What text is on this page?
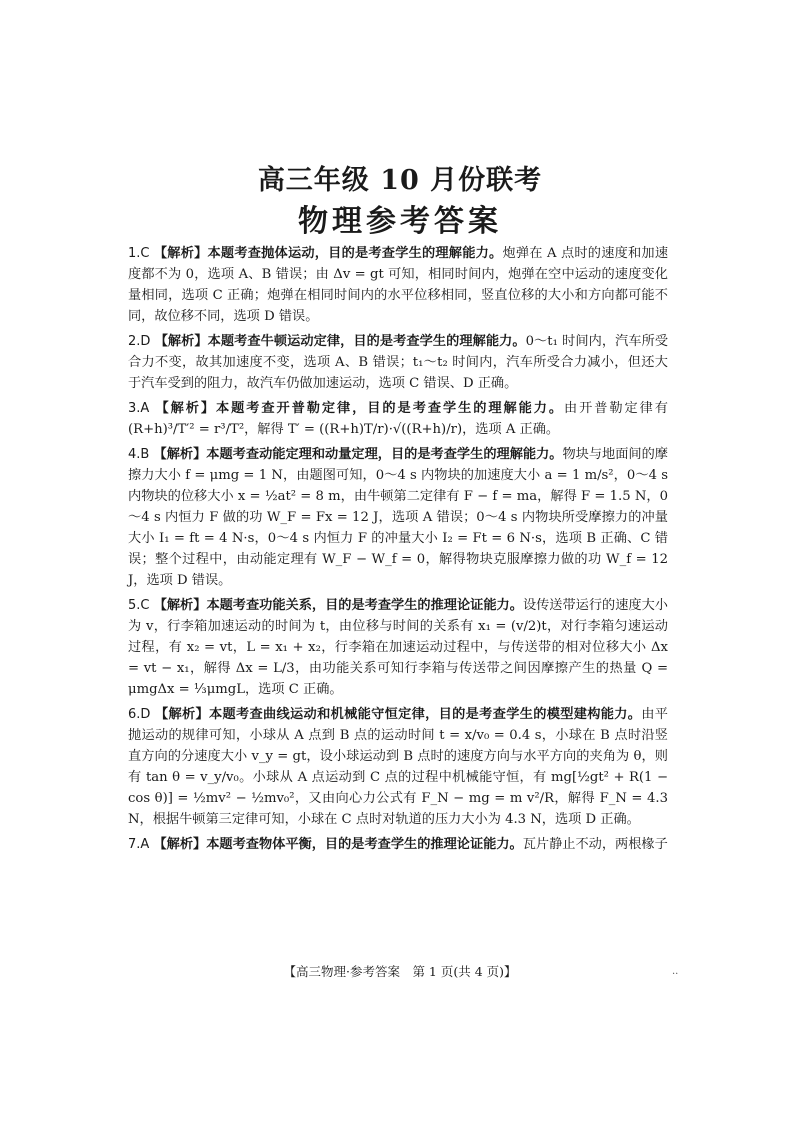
高三年级 10 月份联考
物理参考答案

1.C 【解析】本题考查抛体运动，目的是考查学生的理解能力。炮弹在 A 点时的速度和加速度都不为 0，选项 A、B 错误；由 Δv = gt 可知，相同时间内，炮弹在空中运动的速度变化量相同，选项 C 正确；炮弹在相同时间内的水平位移相同，竖直位移的大小和方向都可能不同，故位移不同，选项 D 错误。

2.D 【解析】本题考查牛顿运动定律，目的是考查学生的理解能力。0～t₁ 时间内，汽车所受合力不变，故其加速度不变，选项 A、B 错误；t₁～t₂ 时间内，汽车所受合力减小，但还大于汽车受到的阻力，故汽车仍做加速运动，选项 C 错误、D 正确。

3.A 【解析】本题考查开普勒定律，目的是考查学生的理解能力。由开普勒定律有 (R+h)³/T′² = r³/T²，解得 T′ = ((R+h)T/r)·√((R+h)/r)，选项 A 正确。

4.B 【解析】本题考查动能定理和动量定理，目的是考查学生的理解能力。物块与地面间的摩擦力大小 f = μmg = 1 N，由题图可知，0～4 s 内物块的加速度大小 a = 1 m/s²，0～4 s 内物块的位移大小 x = ½at² = 8 m，由牛顿第二定律有 F − f = ma，解得 F = 1.5 N，0～4 s 内恒力 F 做的功 W_F = Fx = 12 J，选项 A 错误；0～4 s 内物块所受摩擦力的冲量大小 I₁ = ft = 4 N·s，0～4 s 内恒力 F 的冲量大小 I₂ = Ft = 6 N·s，选项 B 正确、C 错误；整个过程中，由动能定理有 W_F − W_f = 0，解得物块克服摩擦力做的功 W_f = 12 J，选项 D 错误。

5.C 【解析】本题考查功能关系，目的是考查学生的推理论证能力。设传送带运行的速度大小为 v，行李箱加速运动的时间为 t，由位移与时间的关系有 x₁ = (v/2)t，对行李箱匀速运动过程，有 x₂ = vt，L = x₁ + x₂，行李箱在加速运动过程中，与传送带的相对位移大小 Δx = vt − x₁，解得 Δx = L/3，由功能关系可知行李箱与传送带之间因摩擦产生的热量 Q = μmgΔx = ⅓μmgL，选项 C 正确。

6.D 【解析】本题考查曲线运动和机械能守恒定律，目的是考查学生的模型建构能力。由平抛运动的规律可知，小球从 A 点到 B 点的运动时间 t = x/v₀ = 0.4 s，小球在 B 点时沿竖直方向的分速度大小 v_y = gt，设小球运动到 B 点时的速度方向与水平方向的夹角为 θ，则有 tan θ = v_y/v₀。小球从 A 点运动到 C 点的过程中机械能守恒，有 mg[½gt² + R(1 − cos θ)] = ½mv² − ½mv₀²，又由向心力公式有 F_N − mg = m v²/R，解得 F_N = 4.3 N，根据牛顿第三定律可知，小球在 C 点时对轨道的压力大小为 4.3 N，选项 D 正确。

7.A 【解析】本题考查物体平衡，目的是考查学生的推理论证能力。瓦片静止不动，两根椽子

【高三物理·参考答案　第 1 页(共 4 页)】	..
